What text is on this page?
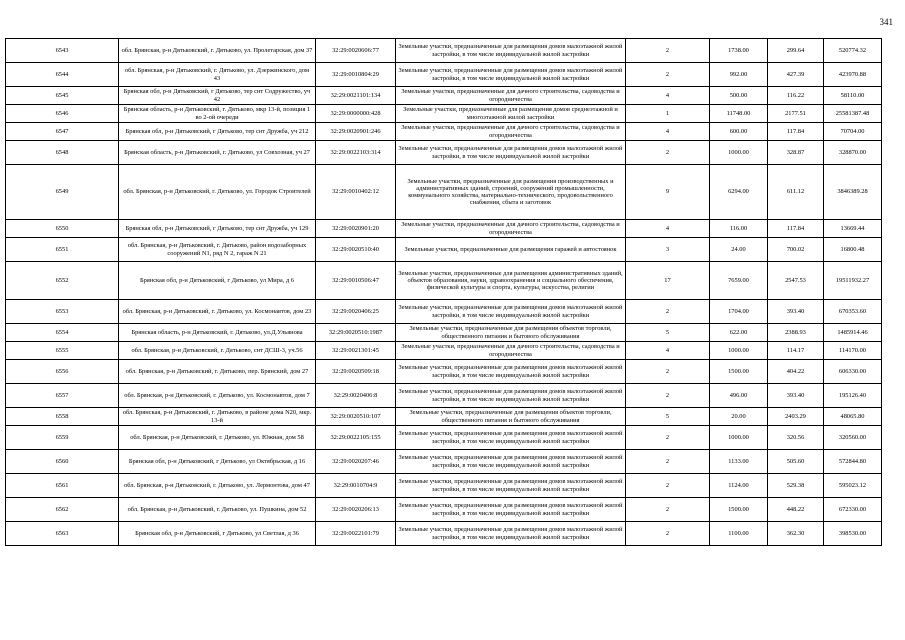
341
6543	обл. Брянская, р-н Дятьковский, г. Дятьково, ул. Пролетарская, дом 37	32:29:0020606:77	Земельные участки, предназначенные для размещения домов малоэтажной жилой застройки, в том числе индивидуальной жилой застройки	2	1738.00	299.64	520774.32
6544	обл. Брянская, р-н Дятьковский, г. Дятьково, ул. Дзержинского, дом 43	32:29:0010804:29	Земельные участки, предназначенные для размещения домов малоэтажной жилой застройки, в том числе индивидуальной жилой застройки	2	992.00	427.39	423970.88
6545	Брянская обл, р-н Дятьковский, г Дятьково, тер снт Содружество, уч 42	32:29:0021101:134	Земельные участки, предназначенные для дачного строительства, садоводства и огородничества	4	500.00	116.22	58110.00
6546	Брянская область, р-н Дятьковский, г. Дятьково, мкр 13-й, позиция 1 во 2-ой очереди	32:29:0000000:428	Земельные участки, предназначенные для размещения домов среднеэтажной и многоэтажной жилой застройки	1	11748.00	2177.51	25581387.48
6547	Брянская обл, р-н Дятьковский, г Дятьково, тер снт Дружба, уч 212	32:29:0020901:246	Земельные участки, предназначенные для дачного строительства, садоводства и огородничества	4	600.00	117.84	70704.00
6548	Брянская область, р-н Дятьковский, г. Дятьково, ул Совхозная, уч 27	32:29:0022103:314	Земельные участки, предназначенные для размещения домов малоэтажной жилой застройки, в том числе индивидуальной жилой застройки	2	1000.00	328.87	328870.00
6549	обл. Брянская, р-н Дятьковский, г. Дятьково, ул. Городок Строителей	32:29:0010402:12	Земельные участки, предназначенные для размещения производственных и административных зданий, строений, сооружений промышленности, коммунального хозяйства, материально-технического, продовольственного снабжения, сбыта и заготовок	9	6294.00	611.12	3846389.28
6550	Брянская обл, р-н Дятьковский, г Дятьково, тер снт Дружба, уч 129	32:29:0020901:20	Земельные участки, предназначенные для дачного строительства, садоводства и огородничества	4	116.00	117.84	13669.44
6551	обл. Брянская, р-н Дятьковский, г. Дятьково, район водозаборных сооружений N1, ряд N 2, гараж N 21	32:29:0020510:40	Земельные участки, предназначенные для размещения гаражей и автостоянок	3	24.00	700.02	16800.48
6552	Брянская обл, р-н Дятьковский, г Дятьково, ул Мира, д 6	32:29:0010506:47	Земельные участки, предназначенные для размещения административных зданий, объектов образования, науки, здравоохранения и социального обеспечения, физической культуры и спорта, культуры, искусства, религии	17	7659.00	2547.53	19511932.27
6553	обл. Брянская, р-н Дятьковский, г. Дятьково, ул. Космонавтов, дом 23	32:29:0020406:25	Земельные участки, предназначенные для размещения домов малоэтажной жилой застройки, в том числе индивидуальной жилой застройки	2	1704.00	393.40	670353.60
6554	Брянская область, р-н Дятьковский, г. Дятьково, ул.Д.Ульянова	32:29:0020510:1987	Земельные участки, предназначенные для размещения объектов торговли, общественного питания и бытового обслуживания	5	622.00	2388.93	1485914.46
6555	обл. Брянская, р-н Дятьковский, г. Дятьково, снт ДСШ-3, уч.56	32:29:0021301:45	Земельные участки, предназначенные для дачного строительства, садоводства и огородничества	4	1000.00	114.17	114170.00
6556	обл. Брянская, р-н Дятьковский, г. Дятьково, пер. Брянский, дом 27	32:29:0020509:18	Земельные участки, предназначенные для размещения домов малоэтажной жилой застройки, в том числе индивидуальной жилой застройки	2	1500.00	404.22	606330.00
6557	обл. Брянская, р-н Дятьковский, г. Дятьково, ул. Космонавтов, дом 7	32:29:0020406:8	Земельные участки, предназначенные для размещения домов малоэтажной жилой застройки, в том числе индивидуальной жилой застройки	2	496.00	393.40	195126.40
6558	обл. Брянская, р-н Дятьковский, г. Дятьково, в районе дома N20, мкр. 13-й	32:29:0020510:107	Земельные участки, предназначенные для размещения объектов торговли, общественного питания и бытового обслуживания	5	20.00	2403.29	48065.80
6559	обл. Брянская, р-н Дятьковский, г. Дятьково, ул. Южная, дом 58	32:29:0022105:155	Земельные участки, предназначенные для размещения домов малоэтажной жилой застройки, в том числе индивидуальной жилой застройки	2	1000.00	320.56	320560.00
6560	Брянская обл, р-н Дятьковский, г Дятьково, ул Октябрьская, д 16	32:29:0020207:46	Земельные участки, предназначенные для размещения домов малоэтажной жилой застройки, в том числе индивидуальной жилой застройки	2	1133.00	505.60	572844.80
6561	обл. Брянская, р-н Дятьковский, г. Дятьково, ул. Лермонтова, дом 47	32:29:0010704:9	Земельные участки, предназначенные для размещения домов малоэтажной жилой застройки, в том числе индивидуальной жилой застройки	2	1124.00	529.38	595023.12
6562	обл. Брянская, р-н Дятьковский, г. Дятьково, ул. Пушкина, дом 52	32:29:0020206:13	Земельные участки, предназначенные для размещения домов малоэтажной жилой застройки, в том числе индивидуальной жилой застройки	2	1500.00	448.22	672330.00
6563	Брянская обл, р-н Дятьковский, г Дятьково, ул Светлая, д 36	32:29:0022101:79	Земельные участки, предназначенные для размещения домов малоэтажной жилой застройки, в том числе индивидуальной жилой застройки	2	1100.00	362.30	398530.00
